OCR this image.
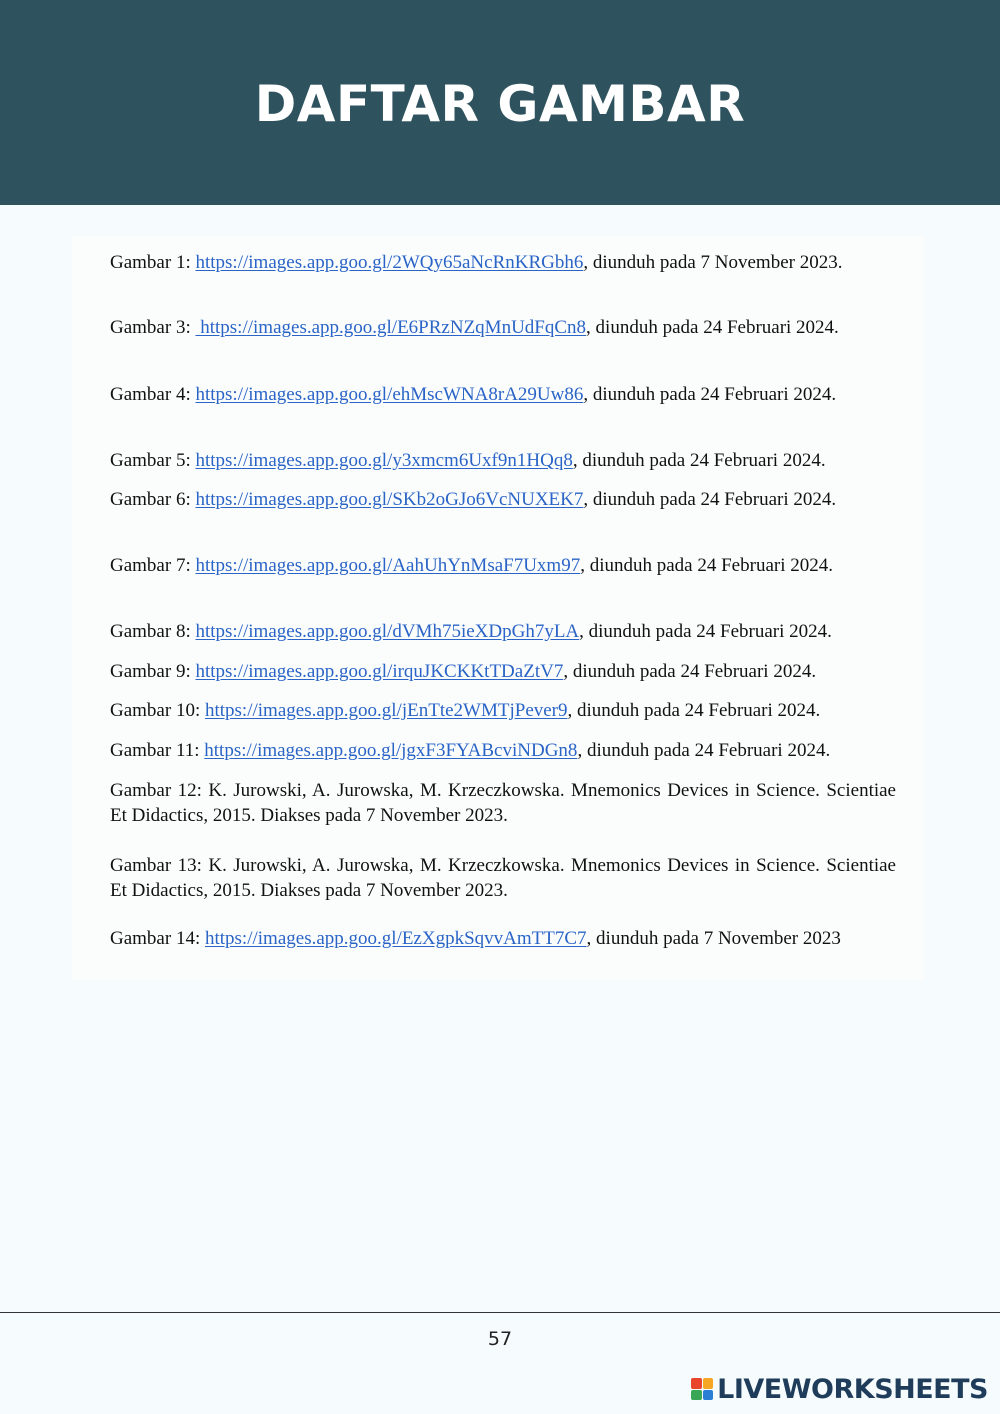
DAFTAR GAMBAR
Gambar 1: https://images.app.goo.gl/2WQy65aNcRnKRGbh6, diunduh pada 7 November 2023.
Gambar 3:  https://images.app.goo.gl/E6PRzNZqMnUdFqCn8, diunduh pada 24 Februari 2024.
Gambar 4: https://images.app.goo.gl/ehMscWNA8rA29Uw86, diunduh pada 24 Februari 2024.
Gambar 5: https://images.app.goo.gl/y3xmcm6Uxf9n1HQq8, diunduh pada 24 Februari 2024.
Gambar 6: https://images.app.goo.gl/SKb2oGJo6VcNUXEK7, diunduh pada 24 Februari 2024.
Gambar 7: https://images.app.goo.gl/AahUhYnMsaF7Uxm97, diunduh pada 24 Februari 2024.
Gambar 8: https://images.app.goo.gl/dVMh75ieXDpGh7yLA, diunduh pada 24 Februari 2024.
Gambar 9: https://images.app.goo.gl/irquJKCKKtTDaZtV7, diunduh pada 24 Februari 2024.
Gambar 10: https://images.app.goo.gl/jEnTte2WMTjPever9, diunduh pada 24 Februari 2024.
Gambar 11: https://images.app.goo.gl/jgxF3FYABcviNDGn8, diunduh pada 24 Februari 2024.
Gambar 12: K. Jurowski, A. Jurowska, M. Krzeczkowska. Mnemonics Devices in Science. Scientiae Et Didactics, 2015. Diakses pada 7 November 2023.
Gambar 13: K. Jurowski, A. Jurowska, M. Krzeczkowska. Mnemonics Devices in Science. Scientiae Et Didactics, 2015. Diakses pada 7 November 2023.
Gambar 14: https://images.app.goo.gl/EzXgpkSqvvAmTT7C7, diunduh pada 7 November 2023
57
LIVEWORKSHEETS
